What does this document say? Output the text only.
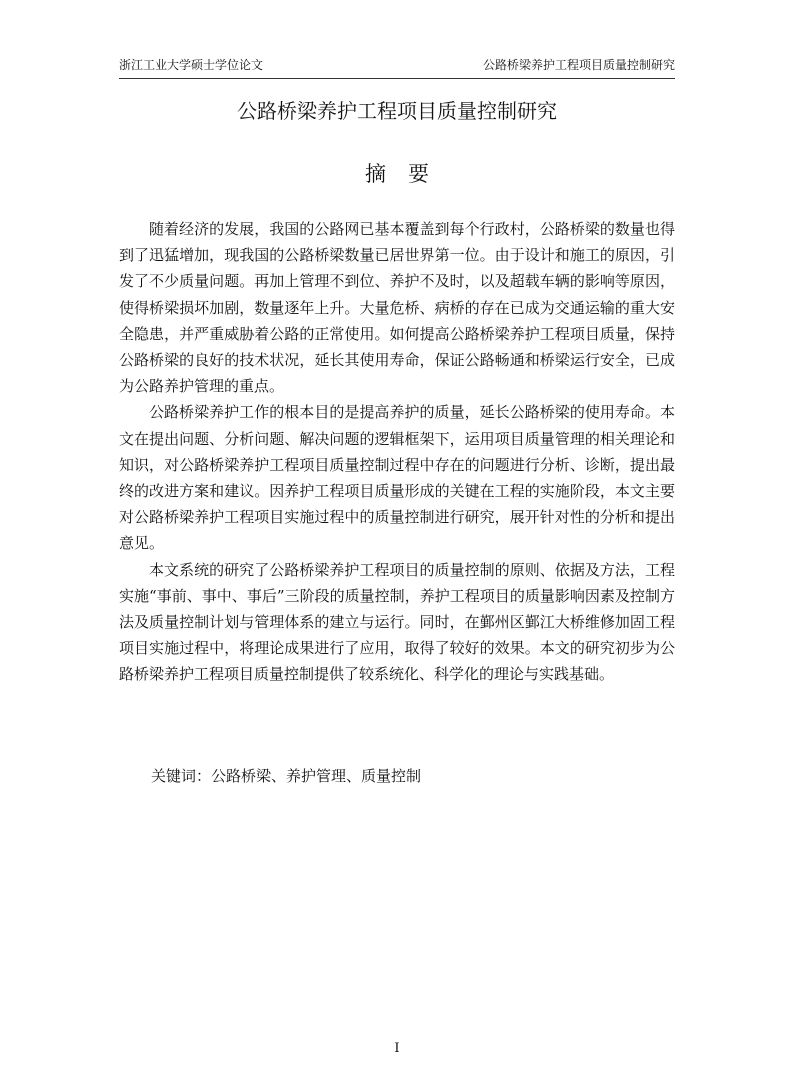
浙江工业大学硕士学位论文	公路桥梁养护工程项目质量控制研究
公路桥梁养护工程项目质量控制研究
摘要

随着经济的发展，我国的公路网已基本覆盖到每个行政村，公路桥梁的数量也得到了迅猛增加，现我国的公路桥梁数量已居世界第一位。由于设计和施工的原因，引发了不少质量问题。再加上管理不到位、养护不及时，以及超载车辆的影响等原因，使得桥梁损坏加剧，数量逐年上升。大量危桥、病桥的存在已成为交通运输的重大安全隐患，并严重威胁着公路的正常使用。如何提高公路桥梁养护工程项目质量，保持公路桥梁的良好的技术状况，延长其使用寿命，保证公路畅通和桥梁运行安全，已成为公路养护管理的重点。

公路桥梁养护工作的根本目的是提高养护的质量，延长公路桥梁的使用寿命。本文在提出问题、分析问题、解决问题的逻辑框架下，运用项目质量管理的相关理论和知识，对公路桥梁养护工程项目质量控制过程中存在的问题进行分析、诊断，提出最终的改进方案和建议。因养护工程项目质量形成的关键在工程的实施阶段，本文主要对公路桥梁养护工程项目实施过程中的质量控制进行研究，展开针对性的分析和提出意见。

本文系统的研究了公路桥梁养护工程项目的质量控制的原则、依据及方法，工程实施“事前、事中、事后”三阶段的质量控制，养护工程项目的质量影响因素及控制方法及质量控制计划与管理体系的建立与运行。同时，在鄞州区鄞江大桥维修加固工程项目实施过程中，将理论成果进行了应用，取得了较好的效果。本文的研究初步为公路桥梁养护工程项目质量控制提供了较系统化、科学化的理论与实践基础。

关键词：公路桥梁、养护管理、质量控制
I
